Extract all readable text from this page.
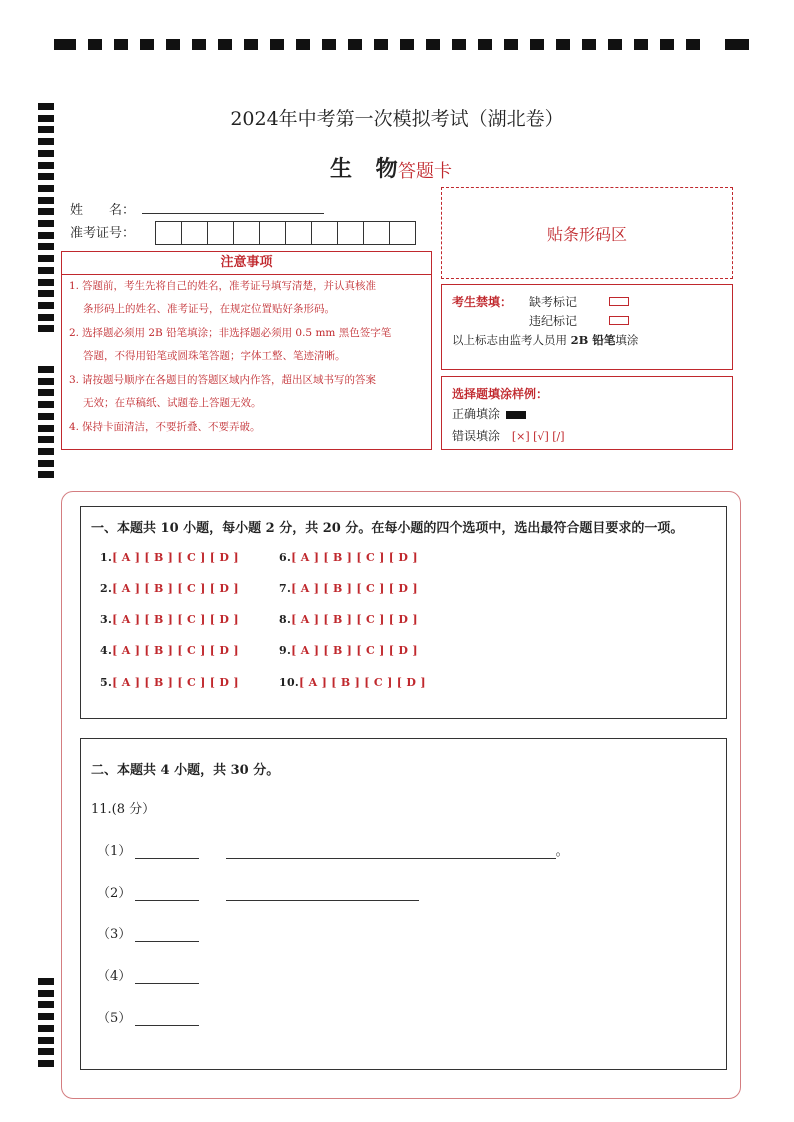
2024年中考第一次模拟考试（湖北卷）
生 物
答题卡
姓　　名：
准考证号：	贴条形码区
注意事项
1. 答题前，考生先将自己的姓名，准考证号填写清楚，并认真核准
条形码上的姓名、准考证号，在规定位置贴好条形码。
2. 选择题必须用 2B 铅笔填涂；非选择题必须用 0.5 mm 黑色签字笔
答题，不得用铅笔或圆珠笔答题；字体工整、笔迹清晰。
3. 请按题号顺序在各题目的答题区域内作答，超出区域书写的答案
无效；在草稿纸、试题卷上答题无效。
4. 保持卡面清洁，不要折叠、不要弄破。
考生禁填： 缺考标记
违纪标记
以上标志由监考人员用 2B 铅笔填涂
选择题填涂样例：
正确填涂
错误填涂 [×] [√] [/]
一、本题共 10 小题，每小题 2 分，共 20 分。在每小题的四个选项中，选出最符合题目要求的一项。
1.[ A ] [ B ] [ C ] [ D ]
2.[ A ] [ B ] [ C ] [ D ]
3.[ A ] [ B ] [ C ] [ D ]
4.[ A ] [ B ] [ C ] [ D ]
5.[ A ] [ B ] [ C ] [ D ]
6.[ A ] [ B ] [ C ] [ D ]
7.[ A ] [ B ] [ C ] [ D ]
8.[ A ] [ B ] [ C ] [ D ]
9.[ A ] [ B ] [ C ] [ D ]
10.[ A ] [ B ] [ C ] [ D ]
二、本题共 4 小题，共 30 分。
11.(8 分）
（1）	。
（2）
（3）
（4）
（5）
